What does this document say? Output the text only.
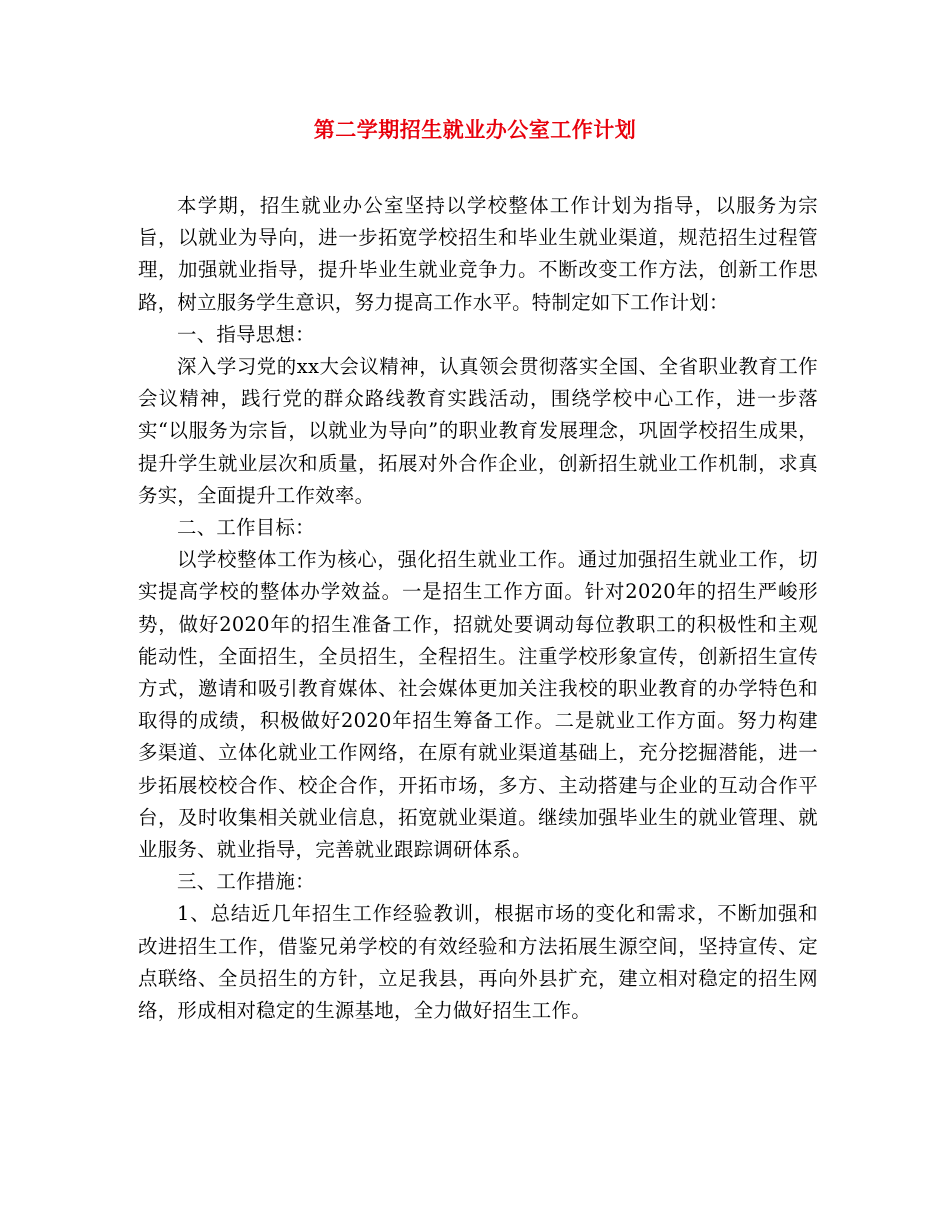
第二学期招生就业办公室工作计划

本学期，招生就业办公室坚持以学校整体工作计划为指导，以服务为宗旨，以就业为导向，进一步拓宽学校招生和毕业生就业渠道，规范招生过程管理，加强就业指导，提升毕业生就业竞争力。不断改变工作方法，创新工作思路，树立服务学生意识，努力提高工作水平。特制定如下工作计划：

一、指导思想：

深入学习党的xx大会议精神，认真领会贯彻落实全国、全省职业教育工作会议精神，践行党的群众路线教育实践活动，围绕学校中心工作，进一步落实“以服务为宗旨，以就业为导向”的职业教育发展理念，巩固学校招生成果，提升学生就业层次和质量，拓展对外合作企业，创新招生就业工作机制，求真务实，全面提升工作效率。

二、工作目标：

以学校整体工作为核心，强化招生就业工作。通过加强招生就业工作，切实提高学校的整体办学效益。一是招生工作方面。针对2020年的招生严峻形势，做好2020年的招生准备工作，招就处要调动每位教职工的积极性和主观能动性，全面招生，全员招生，全程招生。注重学校形象宣传，创新招生宣传方式，邀请和吸引教育媒体、社会媒体更加关注我校的职业教育的办学特色和取得的成绩，积极做好2020年招生筹备工作。二是就业工作方面。努力构建多渠道、立体化就业工作网络，在原有就业渠道基础上，充分挖掘潜能，进一步拓展校校合作、校企合作，开拓市场，多方、主动搭建与企业的互动合作平台，及时收集相关就业信息，拓宽就业渠道。继续加强毕业生的就业管理、就业服务、就业指导，完善就业跟踪调研体系。

三、工作措施：

1、总结近几年招生工作经验教训，根据市场的变化和需求，不断加强和改进招生工作，借鉴兄弟学校的有效经验和方法拓展生源空间，坚持宣传、定点联络、全员招生的方针，立足我县，再向外县扩充，建立相对稳定的招生网络，形成相对稳定的生源基地，全力做好招生工作。
